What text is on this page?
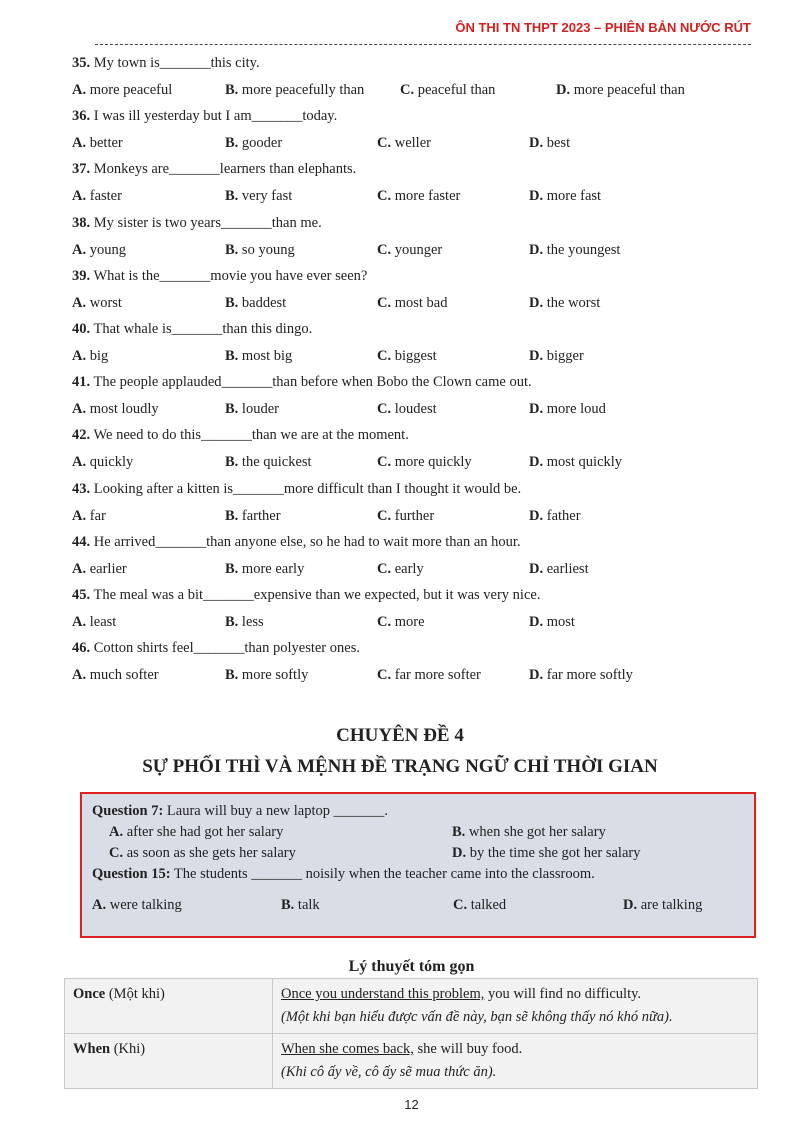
ÔN THI TN THPT 2023 – PHIÊN BẢN NƯỚC RÚT
35. My town is_______this city.
A. more peaceful	B. more peacefully than C. peaceful than	D. more peaceful than
36. I was ill yesterday but I am_______today.
A. better	B. gooder	C. weller	D. best
37. Monkeys are_______learners than elephants.
A. faster	B. very fast	C. more faster	D. more fast
38. My sister is two years_______than me.
A. young	B. so young	C. younger	D. the youngest
39. What is the_______movie you have ever seen?
A. worst	B. baddest	C. most bad	D. the worst
40. That whale is_______than this dingo.
A. big	B. most big	C. biggest	D. bigger
41. The people applauded_______than before when Bobo the Clown came out.
A. most loudly	B. louder	C. loudest	D. more loud
42. We need to do this_______than we are at the moment.
A. quickly	B. the quickest	C. more quickly	D. most quickly
43. Looking after a kitten is_______more difficult than I thought it would be.
A. far	B. farther	C. further	D. father
44. He arrived_______than anyone else, so he had to wait more than an hour.
A. earlier	B. more early	C. early	D. earliest
45. The meal was a bit_______expensive than we expected, but it was very nice.
A. least	B. less	C. more	D. most
46. Cotton shirts feel_______than polyester ones.
A. much softer	B. more softly	C. far more softer	D. far more softly
CHUYÊN ĐỀ 4
SỰ PHỐI THÌ VÀ MỆNH ĐỀ TRẠNG NGỮ CHỈ THỜI GIAN
Question 7: Laura will buy a new laptop _______.
A. after she had got her salary	B. when she got her salary
C. as soon as she gets her salary	D. by the time she got her salary
Question 15: The students _______ noisily when the teacher came into the classroom.
A. were talking	B. talk	C. talked	D. are talking
Lý thuyết tóm gọn
Once (Một khi)	Once you understand this problem, you will find no difficulty.
(Một khi bạn hiểu được vấn đề này, bạn sẽ không thấy nó khó nữa).

When (Khi)	When she comes back, she will buy food.
(Khi cô ấy về, cô ấy sẽ mua thức ăn).
12
